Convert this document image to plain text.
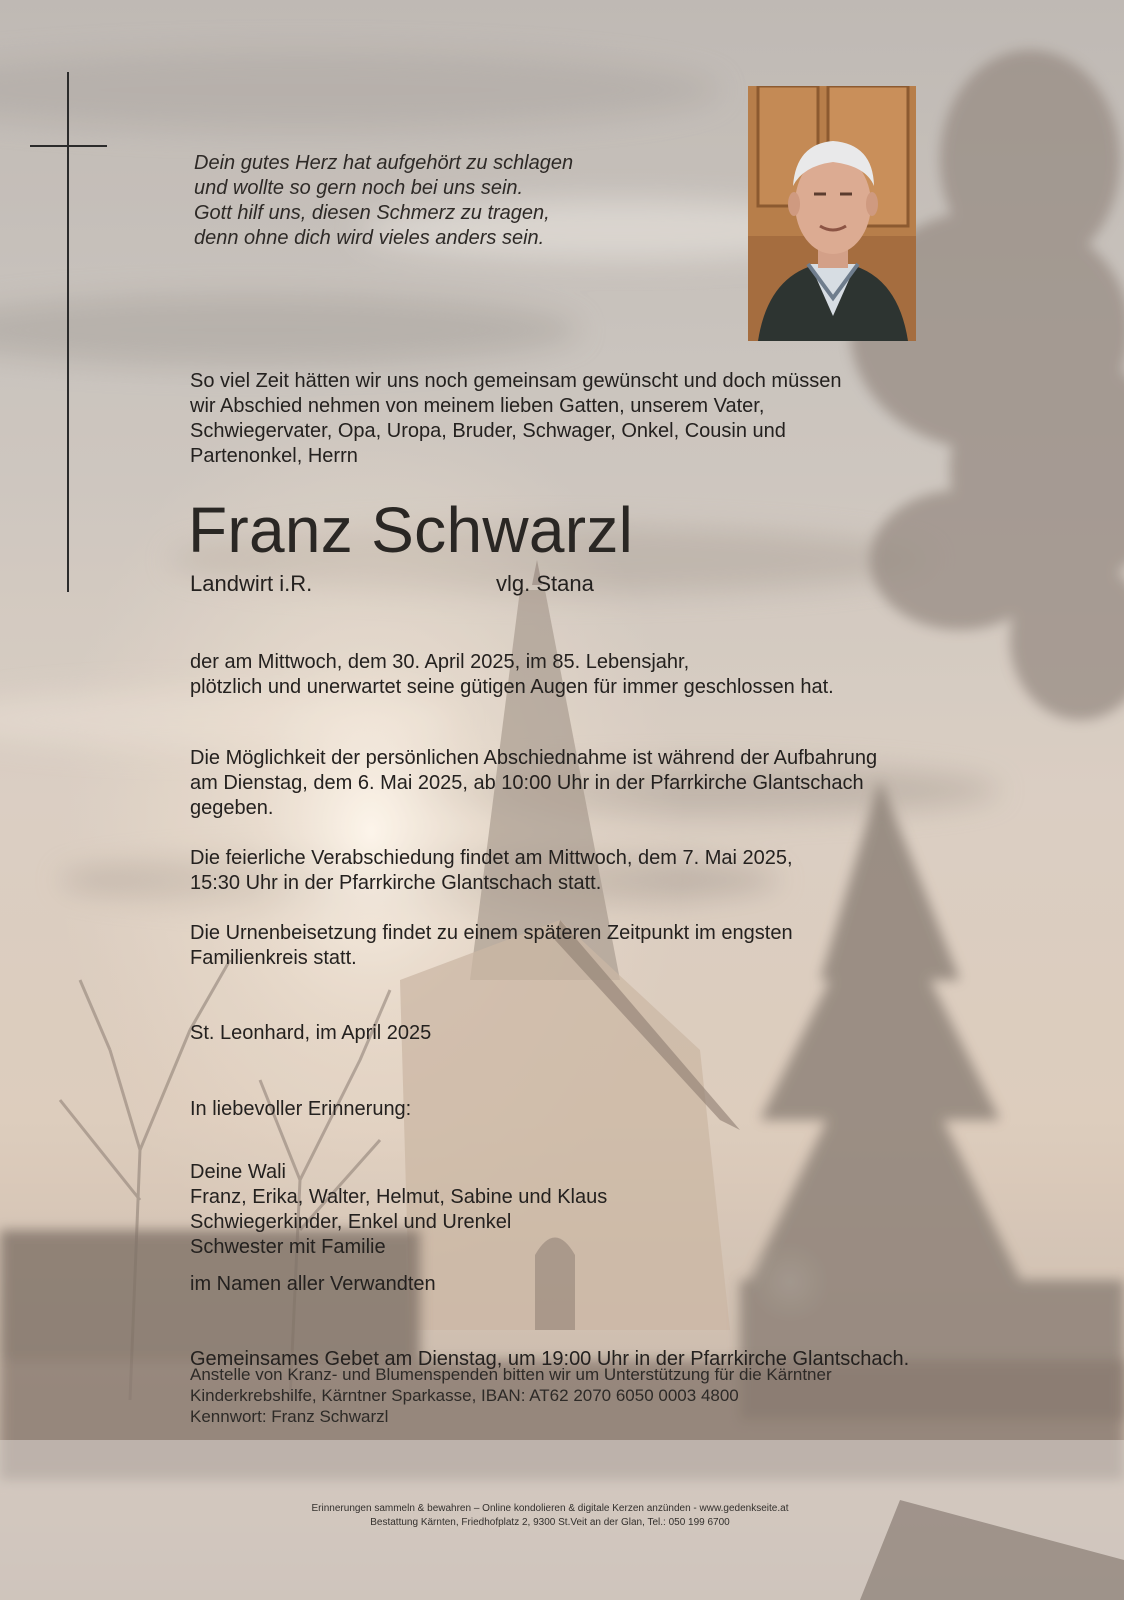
Dein gutes Herz hat aufgehört zu schlagen
und wollte so gern noch bei uns sein.
Gott hilf uns, diesen Schmerz zu tragen,
denn ohne dich wird vieles anders sein.

So viel Zeit hätten wir uns noch gemeinsam gewünscht und doch müssen
wir Abschied nehmen von meinem lieben Gatten, unserem Vater,
Schwiegervater, Opa, Uropa, Bruder, Schwager, Onkel, Cousin und
Partenonkel, Herrn

Franz Schwarzl
Landwirt i.R.	vlg. Stana

der am Mittwoch, dem 30. April 2025, im 85. Lebensjahr,
plötzlich und unerwartet seine gütigen Augen für immer geschlossen hat.

Die Möglichkeit der persönlichen Abschiednahme ist während der Aufbahrung
am Dienstag, dem 6. Mai 2025, ab 10:00 Uhr in der Pfarrkirche Glantschach
gegeben.

Die feierliche Verabschiedung findet am Mittwoch, dem 7. Mai 2025,
15:30 Uhr in der Pfarrkirche Glantschach statt.

Die Urnenbeisetzung findet zu einem späteren Zeitpunkt im engsten
Familienkreis statt.

St. Leonhard, im April 2025

In liebevoller Erinnerung:

Deine Wali
Franz, Erika, Walter, Helmut, Sabine und Klaus
Schwiegerkinder, Enkel und Urenkel
Schwester mit Familie

im Namen aller Verwandten

Gemeinsames Gebet am Dienstag, um 19:00 Uhr in der Pfarrkirche Glantschach.

Anstelle von Kranz- und Blumenspenden bitten wir um Unterstützung für die Kärntner
Kinderkrebshilfe, Kärntner Sparkasse, IBAN: AT62 2070 6050 0003 4800
Kennwort: Franz Schwarzl

Erinnerungen sammeln & bewahren – Online kondolieren & digitale Kerzen anzünden - www.gedenkseite.at
Bestattung Kärnten, Friedhofplatz 2, 9300 St.Veit an der Glan, Tel.: 050 199 6700
